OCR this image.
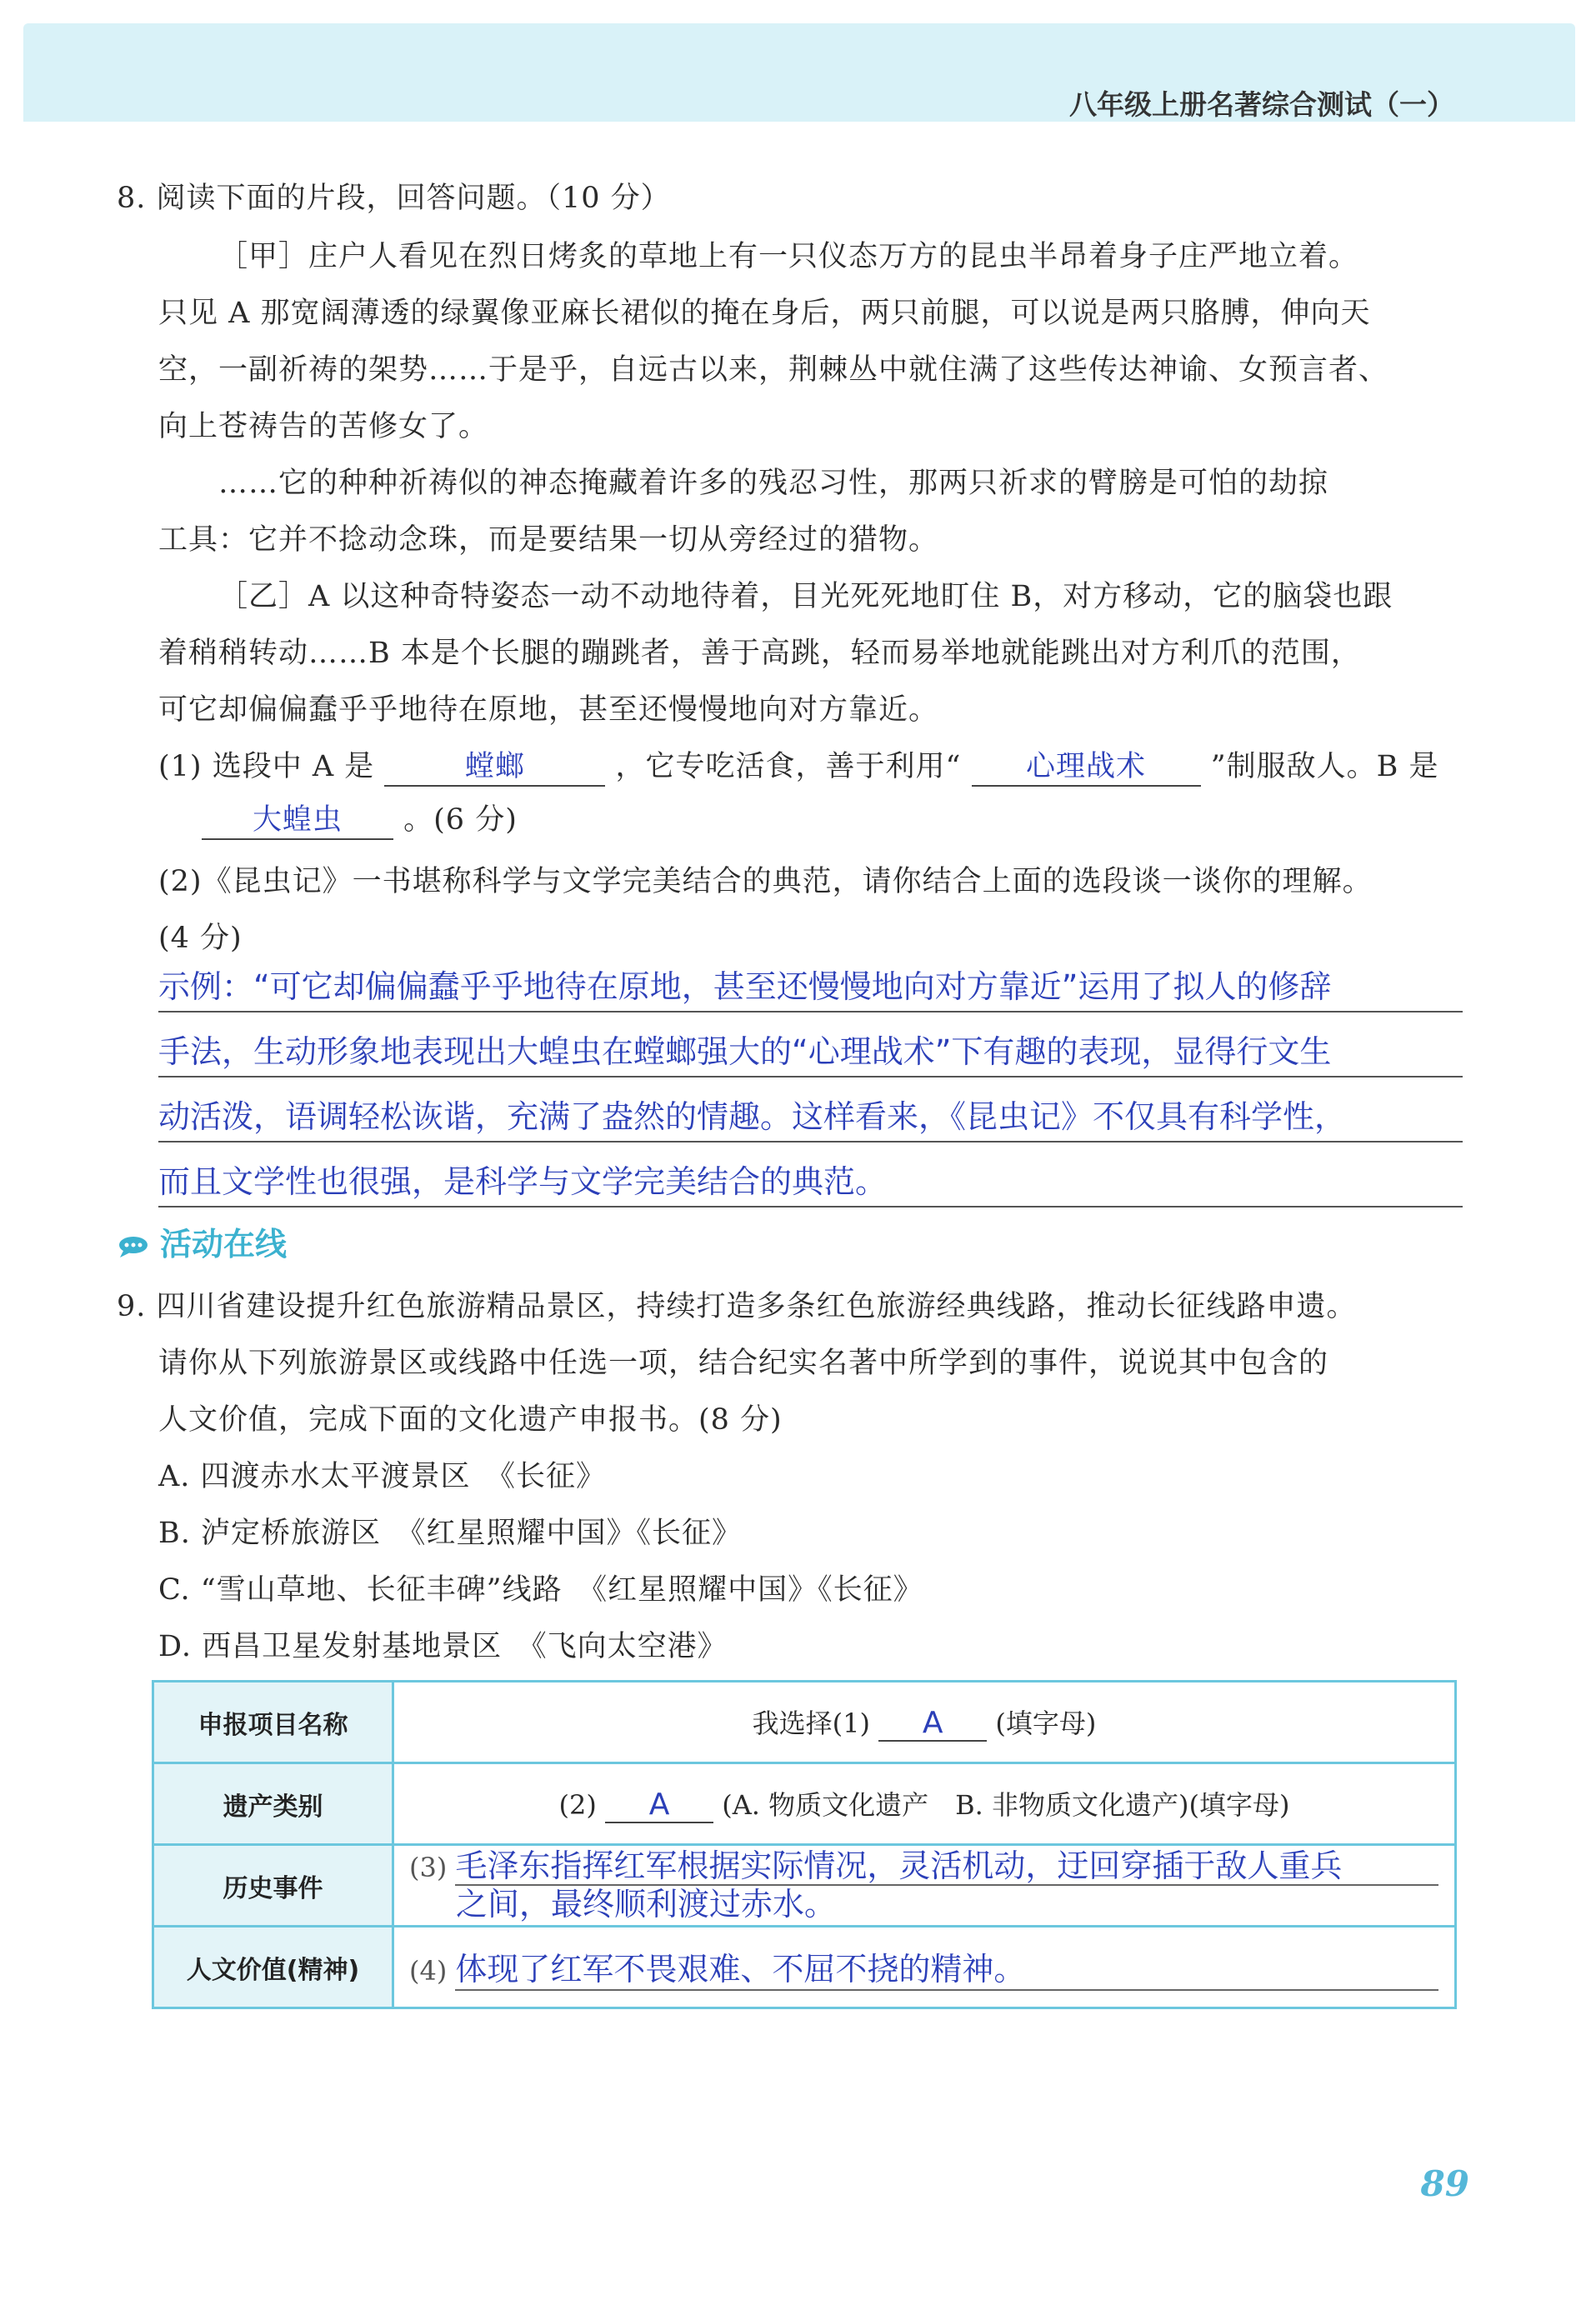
八年级上册名著综合测试（一）
8. 阅读下面的片段，回答问题。（10 分）
［甲］庄户人看见在烈日烤炙的草地上有一只仪态万方的昆虫半昂着身子庄严地立着。
只见 A 那宽阔薄透的绿翼像亚麻长裙似的掩在身后，两只前腿，可以说是两只胳膊，伸向天
空，一副祈祷的架势……于是乎，自远古以来，荆棘丛中就住满了这些传达神谕、女预言者、
向上苍祷告的苦修女了。
……它的种种祈祷似的神态掩藏着许多的残忍习性，那两只祈求的臂膀是可怕的劫掠
工具：它并不捻动念珠，而是要结果一切从旁经过的猎物。
［乙］A 以这种奇特姿态一动不动地待着，目光死死地盯住 B，对方移动，它的脑袋也跟
着稍稍转动……B 本是个长腿的蹦跳者，善于高跳，轻而易举地就能跳出对方利爪的范围，
可它却偏偏蠢乎乎地待在原地，甚至还慢慢地向对方靠近。
(1) 选段中 A 是	螳螂	，它专吃活食，善于利用“ 心理战术 ”制服敌人。B 是
大蝗虫 。(6 分)
(2)《昆虫记》一书堪称科学与文学完美结合的典范，请你结合上面的选段谈一谈你的理解。
(4 分)
示例：“可它却偏偏蠢乎乎地待在原地，甚至还慢慢地向对方靠近”运用了拟人的修辞
手法，生动形象地表现出大蝗虫在螳螂强大的“心理战术”下有趣的表现，显得行文生
动活泼，语调轻松诙谐，充满了盎然的情趣。这样看来，《昆虫记》不仅具有科学性，
而且文学性也很强，是科学与文学完美结合的典范。
活动在线
9. 四川省建设提升红色旅游精品景区，持续打造多条红色旅游经典线路，推动长征线路申遗。
请你从下列旅游景区或线路中任选一项，结合纪实名著中所学到的事件，说说其中包含的
人文价值，完成下面的文化遗产申报书。(8 分)
A. 四渡赤水太平渡景区　《长征》
B. 泸定桥旅游区　《红星照耀中国》《长征》
C. “雪山草地、长征丰碑”线路　《红星照耀中国》《长征》
D. 西昌卫星发射基地景区　《飞向太空港》
申报项目名称	我选择(1) A (填字母)
遗产类别	(2) A (A. 物质文化遗产　B. 非物质文化遗产)(填字母)
历史事件	(3) 毛泽东指挥红军根据实际情况，灵活机动，迂回穿插于敌人重兵
之间，最终顺利渡过赤水。

人文价值(精神)	(4) 体现了红军不畏艰难、不屈不挠的精神。
89
